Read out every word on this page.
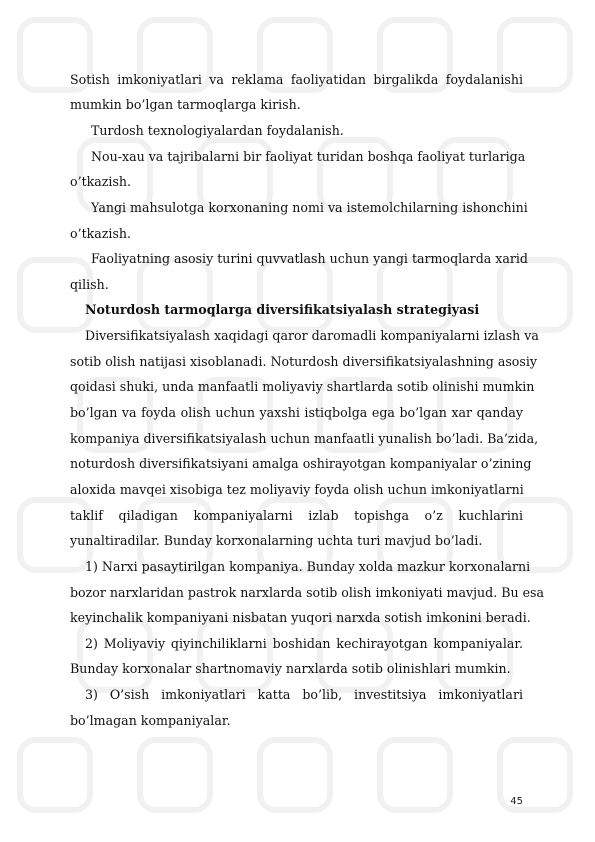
Sotish imkoniyatlari va reklama faoliyatidan birgalikda foydalanishi
mumkin bo’lgan tarmoqlarga kirish.
Turdosh texnologiyalardan foydalanish.
Nou-xau va tajribalarni bir faoliyat turidan boshqa faoliyat turlariga
o’tkazish.
Yangi mahsulotga korxonaning nomi va istemolchilarning ishonchini
o’tkazish.
Faoliyatning asosiy turini quvvatlash uchun yangi tarmoqlarda xarid
qilish.
Noturdosh tarmoqlarga diversifikatsiyalash strategiyasi
Diversifikatsiyalash xaqidagi qaror daromadli kompaniyalarni izlash va
sotib olish natijasi xisoblanadi. Noturdosh diversifikatsiyalashning asosiy
qoidasi shuki, unda manfaatli moliyaviy shartlarda sotib olinishi mumkin
bo’lgan va foyda olish uchun yaxshi istiqbolga ega bo’lgan xar qanday
kompaniya diversifikatsiyalash uchun manfaatli yunalish bo’ladi. Ba’zida,
noturdosh diversifikatsiyani amalga oshirayotgan kompaniyalar o’zining
aloxida mavqei xisobiga tez moliyaviy foyda olish uchun imkoniyatlarni
taklif qiladigan kompaniyalarni izlab topishga o’z kuchlarini
yunaltiradilar. Bunday korxonalarning uchta turi mavjud bo’ladi.
1) Narxi pasaytirilgan kompaniya. Bunday xolda mazkur korxonalarni
bozor narxlaridan pastrok narxlarda sotib olish imkoniyati mavjud. Bu esa
keyinchalik kompaniyani nisbatan yuqori narxda sotish imkonini beradi.
2) Moliyaviy qiyinchiliklarni boshidan kechirayotgan kompaniyalar.
Bunday korxonalar shartnomaviy narxlarda sotib olinishlari mumkin.
3) O’sish imkoniyatlari katta bo’lib, investitsiya imkoniyatlari
bo’lmagan kompaniyalar.
45
